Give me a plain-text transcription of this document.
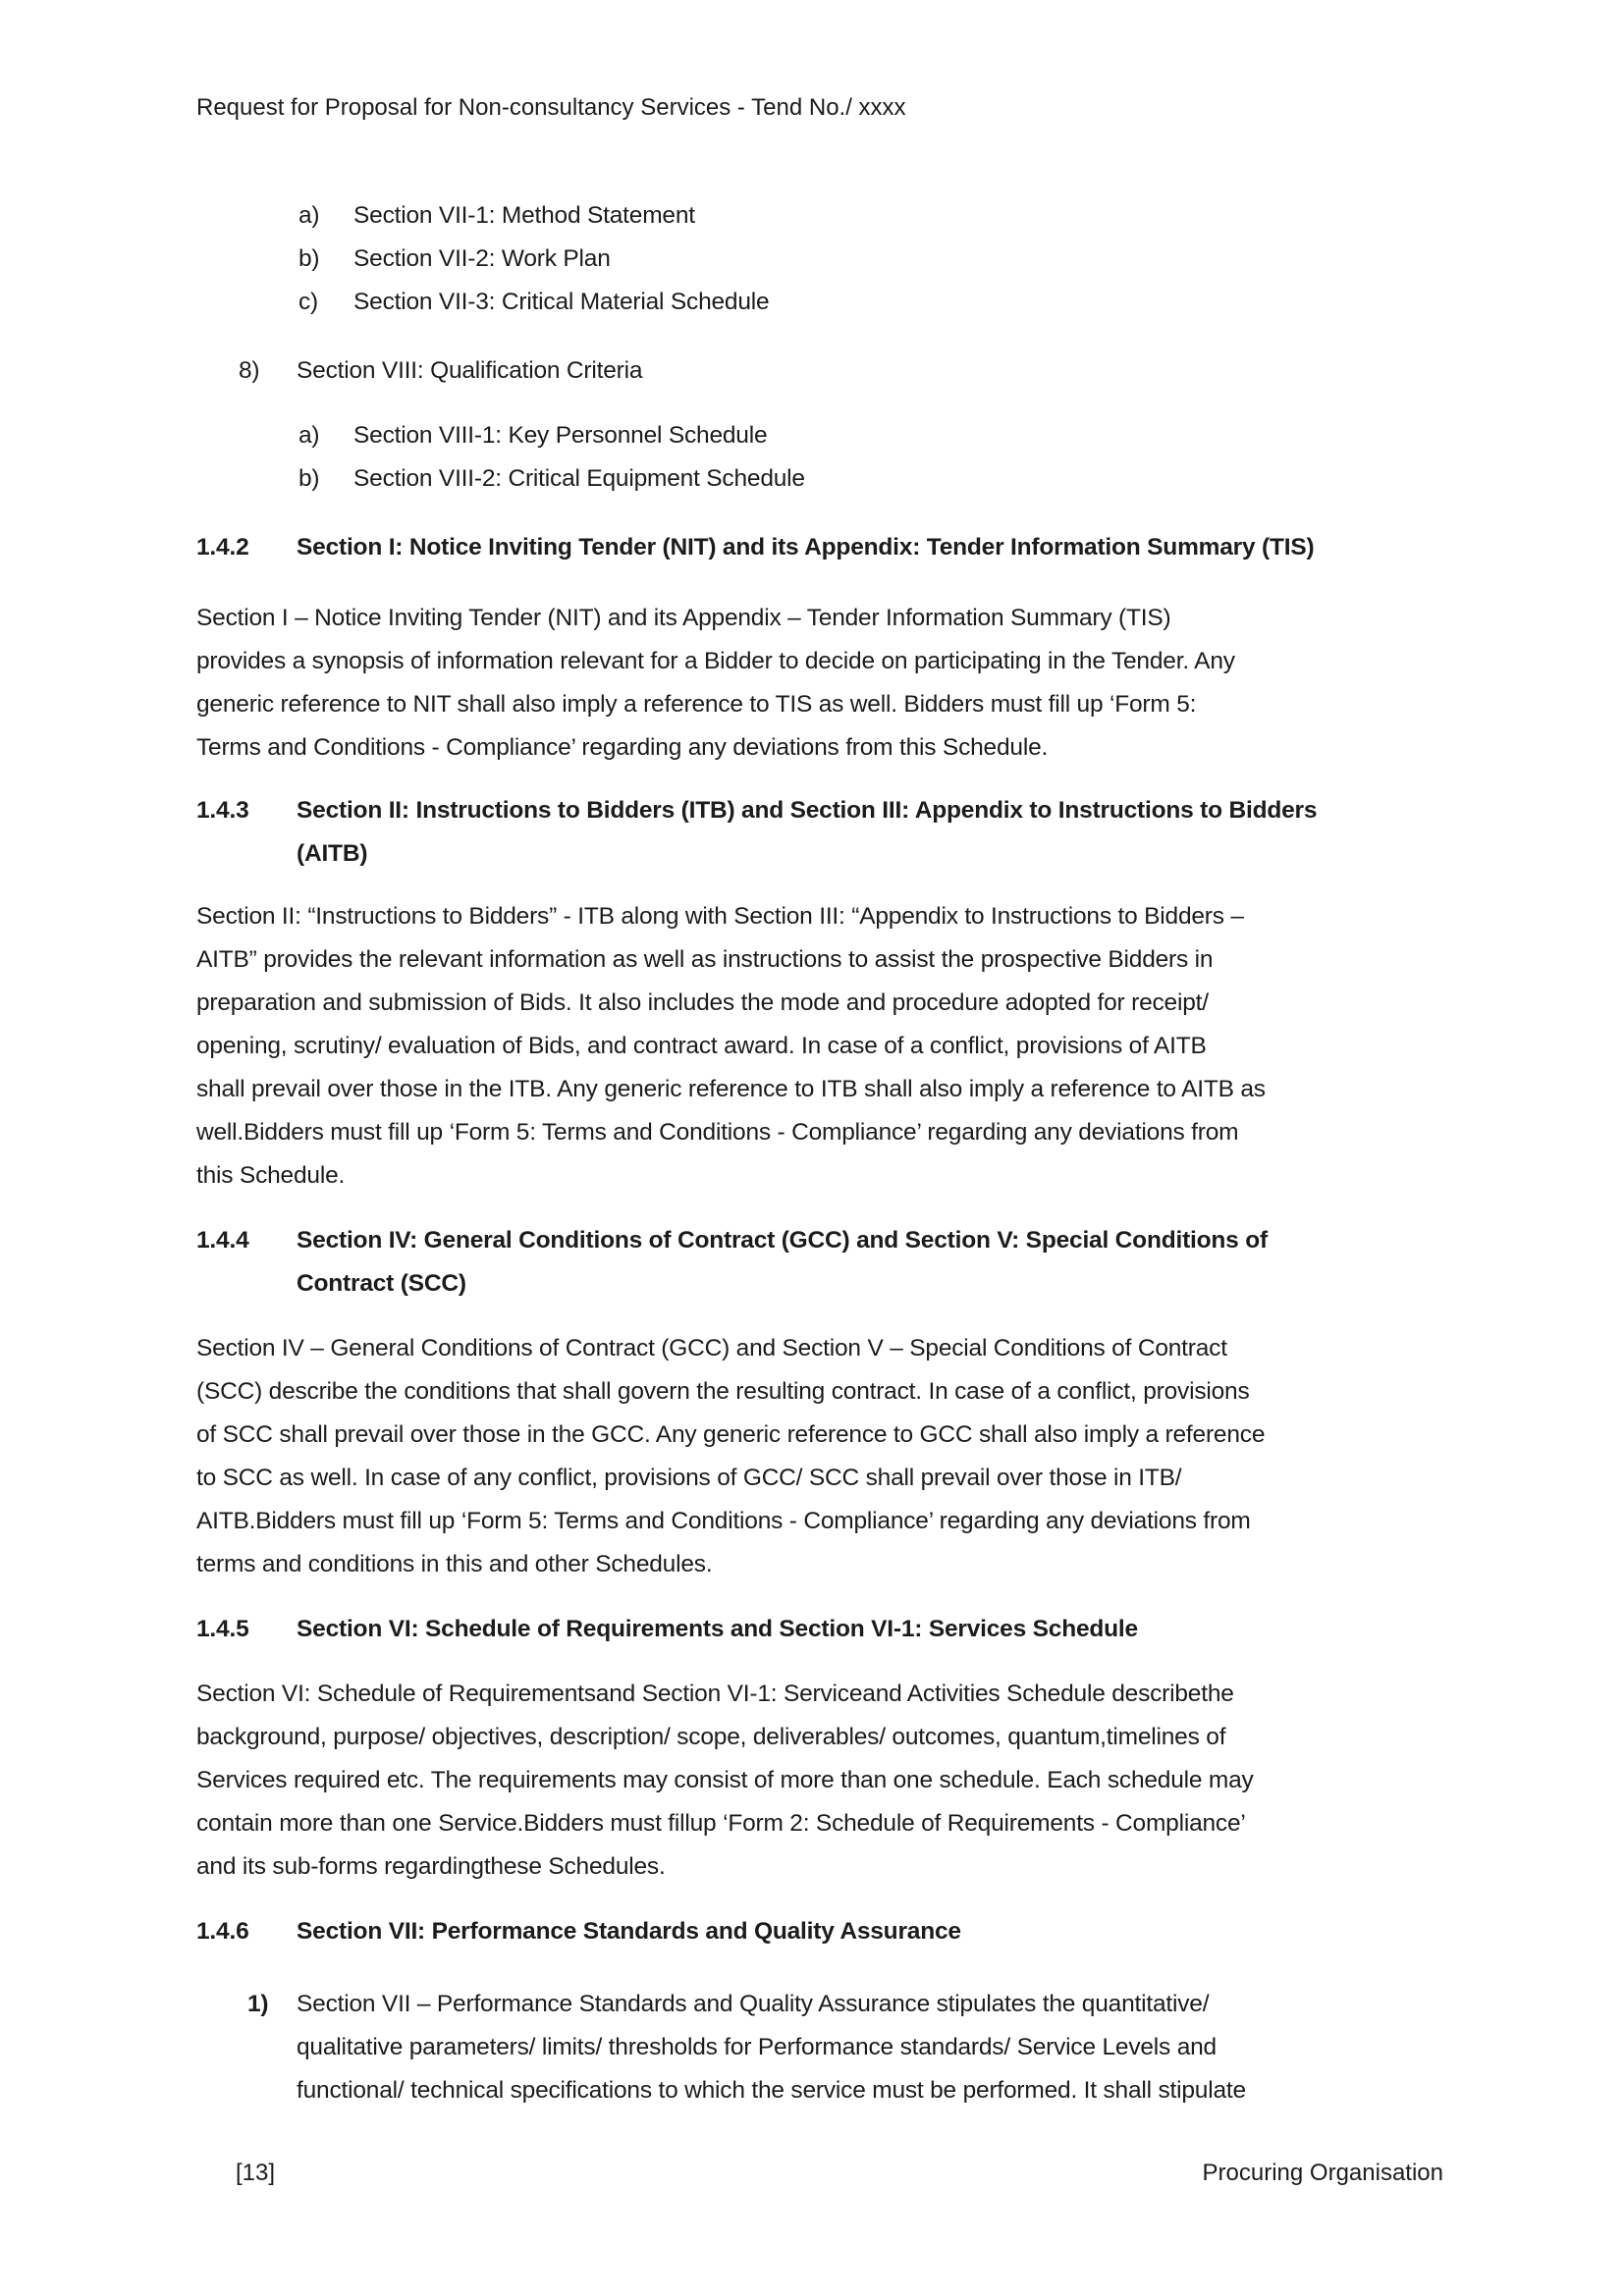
Request for Proposal for Non-consultancy Services - Tend No./ xxxx
a)	Section VII-1: Method Statement
b)	Section VII-2: Work Plan
c)	Section VII-3: Critical Material Schedule
8)	Section VIII: Qualification Criteria
a)	Section VIII-1: Key Personnel Schedule
b)	Section VIII-2: Critical Equipment Schedule
1.4.2	Section I: Notice Inviting Tender (NIT) and its Appendix: Tender Information Summary (TIS)
Section I – Notice Inviting Tender (NIT) and its Appendix – Tender Information Summary (TIS)
provides a synopsis of information relevant for a Bidder to decide on participating in the Tender. Any
generic reference to NIT shall also imply a reference to TIS as well. Bidders must fill up ‘Form 5:
Terms and Conditions - Compliance’ regarding any deviations from this Schedule.
1.4.3	Section II: Instructions to Bidders (ITB) and Section III: Appendix to Instructions to Bidders
(AITB)
Section II: “Instructions to Bidders” - ITB along with Section III: “Appendix to Instructions to Bidders –
AITB” provides the relevant information as well as instructions to assist the prospective Bidders in
preparation and submission of Bids. It also includes the mode and procedure adopted for receipt/
opening, scrutiny/ evaluation of Bids, and contract award. In case of a conflict, provisions of AITB
shall prevail over those in the ITB. Any generic reference to ITB shall also imply a reference to AITB as
well.Bidders must fill up ‘Form 5: Terms and Conditions - Compliance’ regarding any deviations from
this Schedule.
1.4.4	Section IV: General Conditions of Contract (GCC) and Section V: Special Conditions of
Contract (SCC)
Section IV – General Conditions of Contract (GCC) and Section V – Special Conditions of Contract
(SCC) describe the conditions that shall govern the resulting contract. In case of a conflict, provisions
of SCC shall prevail over those in the GCC. Any generic reference to GCC shall also imply a reference
to SCC as well. In case of any conflict, provisions of GCC/ SCC shall prevail over those in ITB/
AITB.Bidders must fill up ‘Form 5: Terms and Conditions - Compliance’ regarding any deviations from
terms and conditions in this and other Schedules.
1.4.5	Section VI: Schedule of Requirements and Section VI-1: Services Schedule
Section VI: Schedule of Requirementsand Section VI-1: Serviceand Activities Schedule describethe
background, purpose/ objectives, description/ scope, deliverables/ outcomes, quantum,timelines of
Services required etc. The requirements may consist of more than one schedule. Each schedule may
contain more than one Service.Bidders must fillup ‘Form 2: Schedule of Requirements - Compliance’
and its sub-forms regardingthese Schedules.
1.4.6	Section VII: Performance Standards and Quality Assurance
1)	Section VII – Performance Standards and Quality Assurance stipulates the quantitative/
qualitative parameters/ limits/ thresholds for Performance standards/ Service Levels and
functional/ technical specifications to which the service must be performed. It shall stipulate
[13]	Procuring Organisation
